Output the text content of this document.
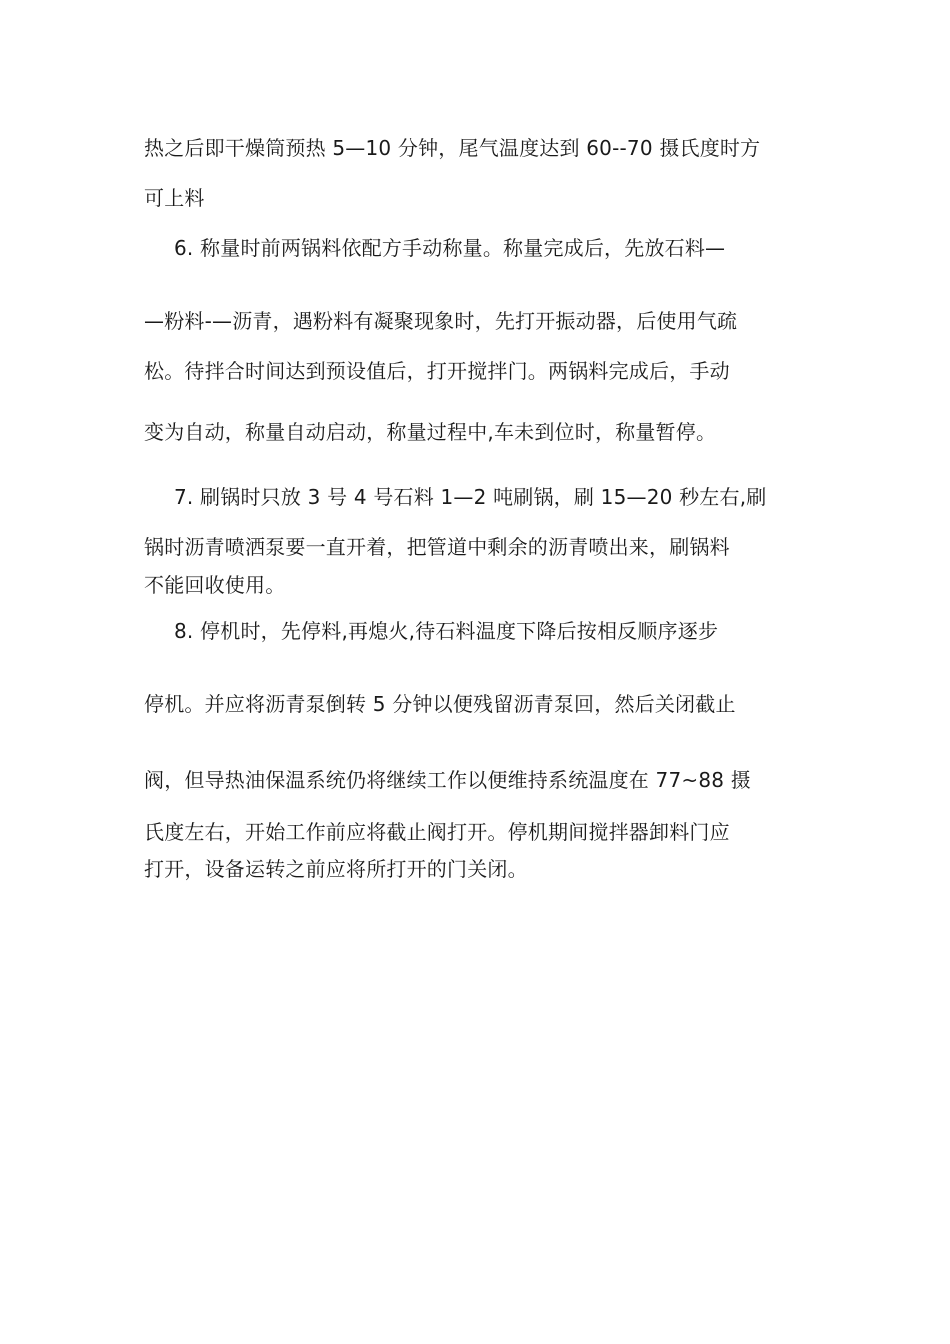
热之后即干燥筒预热 5—10 分钟，尾气温度达到 60--70 摄氏度时方
可上料
6. 称量时前两锅料依配方手动称量。称量完成后，先放石料—
—粉料-—沥青，遇粉料有凝聚现象时，先打开振动器，后使用气疏
松。待拌合时间达到预设值后，打开搅拌门。两锅料完成后，手动
变为自动，称量自动启动，称量过程中,车未到位时，称量暂停。
7. 刷锅时只放 3 号 4 号石料 1—2 吨刷锅，刷 15—20 秒左右,刷
锅时沥青喷洒泵要一直开着，把管道中剩余的沥青喷出来，刷锅料
不能回收使用。
8. 停机时，先停料,再熄火,待石料温度下降后按相反顺序逐步
停机。并应将沥青泵倒转 5 分钟以便残留沥青泵回，然后关闭截止
阀，但导热油保温系统仍将继续工作以便维持系统温度在 77~88 摄
氏度左右，开始工作前应将截止阀打开。停机期间搅拌器卸料门应
打开，设备运转之前应将所打开的门关闭。
